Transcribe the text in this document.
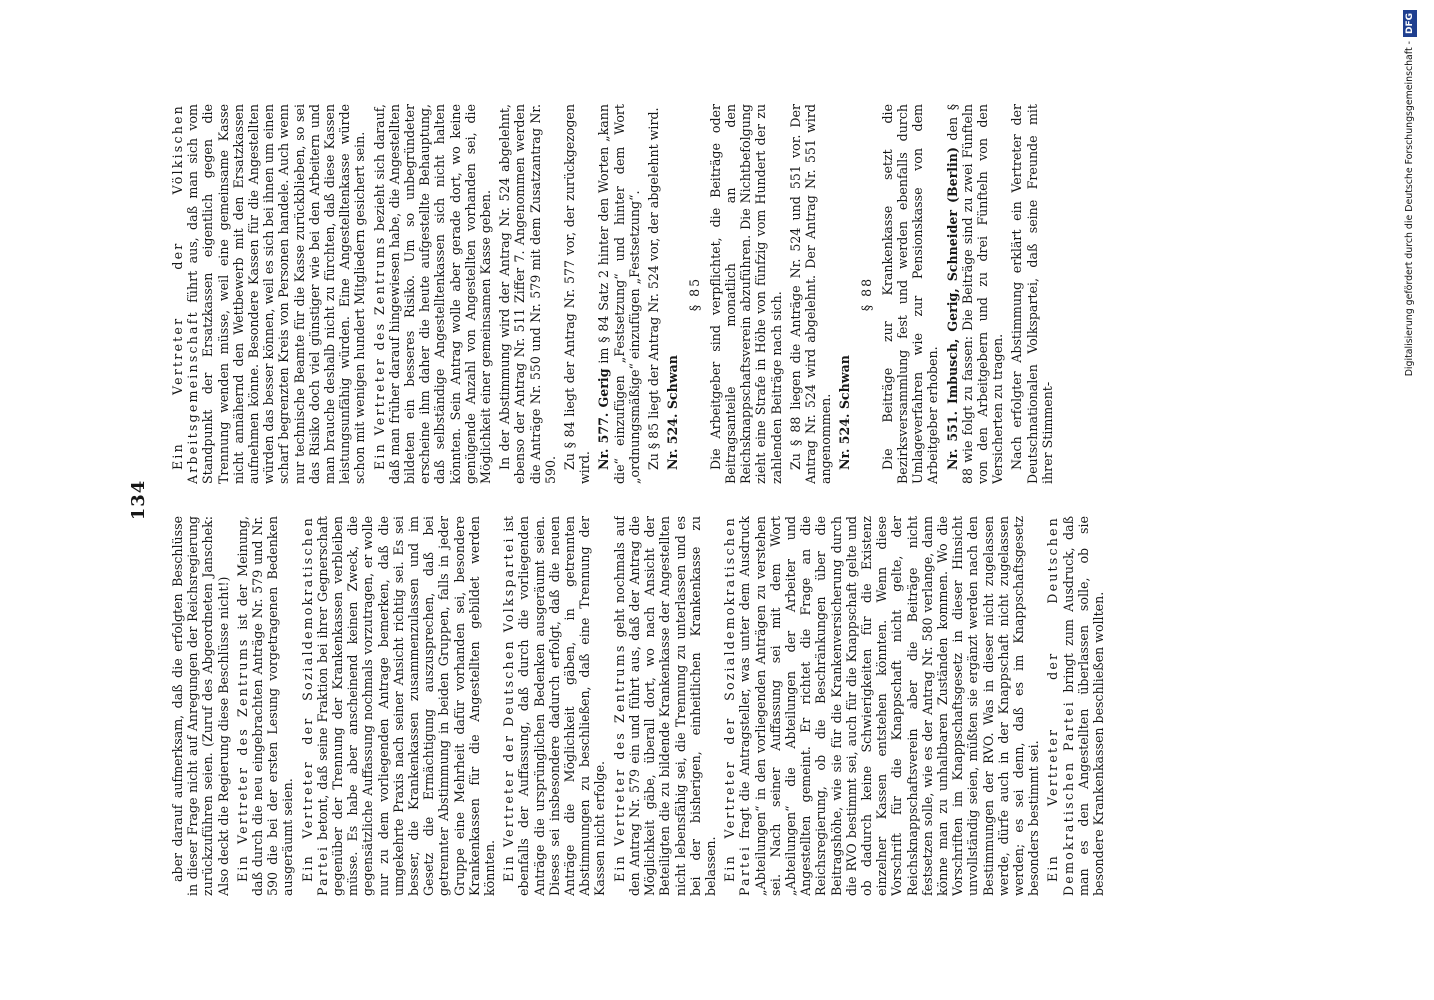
134

aber darauf aufmerksam, daß die erfolgten Beschlüsse in dieser Frage nicht auf Anregungen der Reichsregierung zurückzuführen seien. (Zuruf des Abgeordneten Janschek: Also deckt die Regierung diese Beschlüsse nicht!) Ein Vertreter des Zentrums ist der Meinung, daß durch die neu eingebrachten Anträge Nr. 579 und Nr. 590 die bei der ersten Lesung vorgetragenen Bedenken ausgeräumt seien. Ein Vertreter der Sozialdemokratischen Partei betont, daß seine Fraktion bei ihrer Gegnerschaft gegenüber der Trennung der Krankenkassen verbleiben müsse. Es habe aber anscheinend keinen Zweck, die gegensätzliche Auffassung nochmals vorzutragen, er wolle nur zu dem vorliegenden Antrage bemerken, daß die umgekehrte Praxis nach seiner Ansicht richtig sei. Es sei besser, die Krankenkassen zusammenzulassen und im Gesetz die Ermächtigung auszusprechen, daß bei getrennter Abstimmung in beiden Gruppen, falls in jeder Gruppe eine Mehrheit dafür vorhanden sei, besondere Krankenkassen für die Angestellten gebildet werden könnten. Ein Vertreter der Deutschen Volkspartei ist ebenfalls der Auffassung, daß durch die vorliegenden Anträge die ursprünglichen Bedenken ausgeräumt seien. Dieses sei insbesondere dadurch erfolgt, daß die neuen Anträge die Möglichkeit gäben, in getrennten Abstimmungen zu beschließen, daß eine Trennung der Kassen nicht erfolge. Ein Vertreter des Zentrums geht nochmals auf den Antrag Nr. 579 ein und führt aus, daß der Antrag die Möglichkeit gäbe, überall dort, wo nach Ansicht der Beteiligten die zu bildende Krankenkasse der Angestellten nicht lebensfähig sei, die Trennung zu unterlassen und es bei der bisherigen, einheitlichen Krankenkasse zu belassen. Ein Vertreter der Sozialdemokratischen Partei fragt die Antragsteller, was unter dem Ausdruck „Abteilungen“ in den vorliegenden Anträgen zu verstehen sei. Nach seiner Auffassung sei mit dem Wort „Abteilungen“ die Abteilungen der Arbeiter und Angestellten gemeint. Er richtet die Frage an die Reichsregierung, ob die Beschränkungen über die Beitragshöhe, wie sie für die Krankenversicherung durch die RVO bestimmt sei, auch für die Knappschaft gelte und ob dadurch keine Schwierigkeiten für die Existenz einzelner Kassen entstehen könnten. Wenn diese Vorschrift für die Knappschaft nicht gelte, der Reichsknappschaftsverein aber die Beiträge nicht festsetzen solle, wie es der Antrag Nr. 580 verlange, dann könne man zu unhaltbaren Zuständen kommen. Wo die Vorschriften im Knappschaftsgesetz in dieser Hinsicht unvollständig seien, müßten sie ergänzt werden nach den Bestimmungen der RVO. Was in dieser nicht zugelassen werde, dürfe auch in der Knappschaft nicht zugelassen werden; es sei denn, daß es im Knappschaftsgesetz besonders bestimmt sei. Ein Vertreter der Deutschen Demokratischen Partei bringt zum Ausdruck, daß man es den Angestellten überlassen solle, ob sie besondere Krankenkassen beschließen wollten.

Ein Vertreter der Völkischen Arbeitsgemeinschaft führt aus, daß man sich vom Standpunkt der Ersatzkassen eigentlich gegen die Trennung wenden müsse, weil eine gemeinsame Kasse nicht annähernd den Wettbewerb mit den Ersatzkassen aufnehmen könne. Besondere Kassen für die Angestellten würden das besser können, weil es sich bei ihnen um einen scharf begrenzten Kreis von Personen handele. Auch wenn nur technische Beamte für die Kasse zurückblieben, so sei das Risiko doch viel günstiger wie bei den Arbeitern und man brauche deshalb nicht zu fürchten, daß diese Kassen leistungsunfähig würden. Eine Angestelltenkasse würde schon mit wenigen hundert Mitgliedern gesichert sein. Ein Vertreter des Zentrums bezieht sich darauf, daß man früher darauf hingewiesen habe, die Angestellten bildeten ein besseres Risiko. Um so unbegründeter erscheine ihm daher die heute aufgestellte Behauptung, daß selbständige Angestelltenkassen sich nicht halten könnten. Sein Antrag wolle aber gerade dort, wo keine genügende Anzahl von Angestellten vorhanden sei, die Möglichkeit einer gemeinsamen Kasse geben. In der Abstimmung wird der Antrag Nr. 524 abgelehnt, ebenso der Antrag Nr. 511 Ziffer 7. Angenommen werden die Anträge Nr. 550 und Nr. 579 mit dem Zusatzantrag Nr. 590. Zu § 84 liegt der Antrag Nr. 577 vor, der zurückgezogen wird. Nr. 577. Gerig im § 84 Satz 2 hinter den Worten „kann die“ einzufügen „Festsetzung“ und hinter dem Wort „ordnungsmäßige“ einzufügen „Festsetzung“. Zu § 85 liegt der Antrag Nr. 524 vor, der abgelehnt wird. Nr. 524. Schwan

§ 85 Die Arbeitgeber sind verpflichtet, die Beiträge oder Beitragsanteile monatlich an den Reichsknappschaftsverein abzuführen. Die Nichtbefolgung zieht eine Strafe in Höhe von fünfzig vom Hundert der zu zahlenden Beiträge nach sich. Zu § 88 liegen die Anträge Nr. 524 und 551 vor. Der Antrag Nr. 524 wird abgelehnt. Der Antrag Nr. 551 wird angenommen. Nr. 524. Schwan

§ 88 Die Beiträge zur Krankenkasse setzt die Bezirksversammlung fest und werden ebenfalls durch Umlageverfahren wie zur Pensionskasse von dem Arbeitgeber erhoben. Nr. 551. Imbusch, Gerig, Schneider (Berlin) den § 88 wie folgt zu fassen: Die Beiträge sind zu zwei Fünfteln von den Arbeitgebern und zu drei Fünfteln von den Versicherten zu tragen. Nach erfolgter Abstimmung erklärt ein Vertreter der Deutschnationalen Volkspartei, daß seine Freunde mit ihrer Stimment-

Digitalisierung gefördert durch die Deutsche Forschungsgemeinschaft -DFG
